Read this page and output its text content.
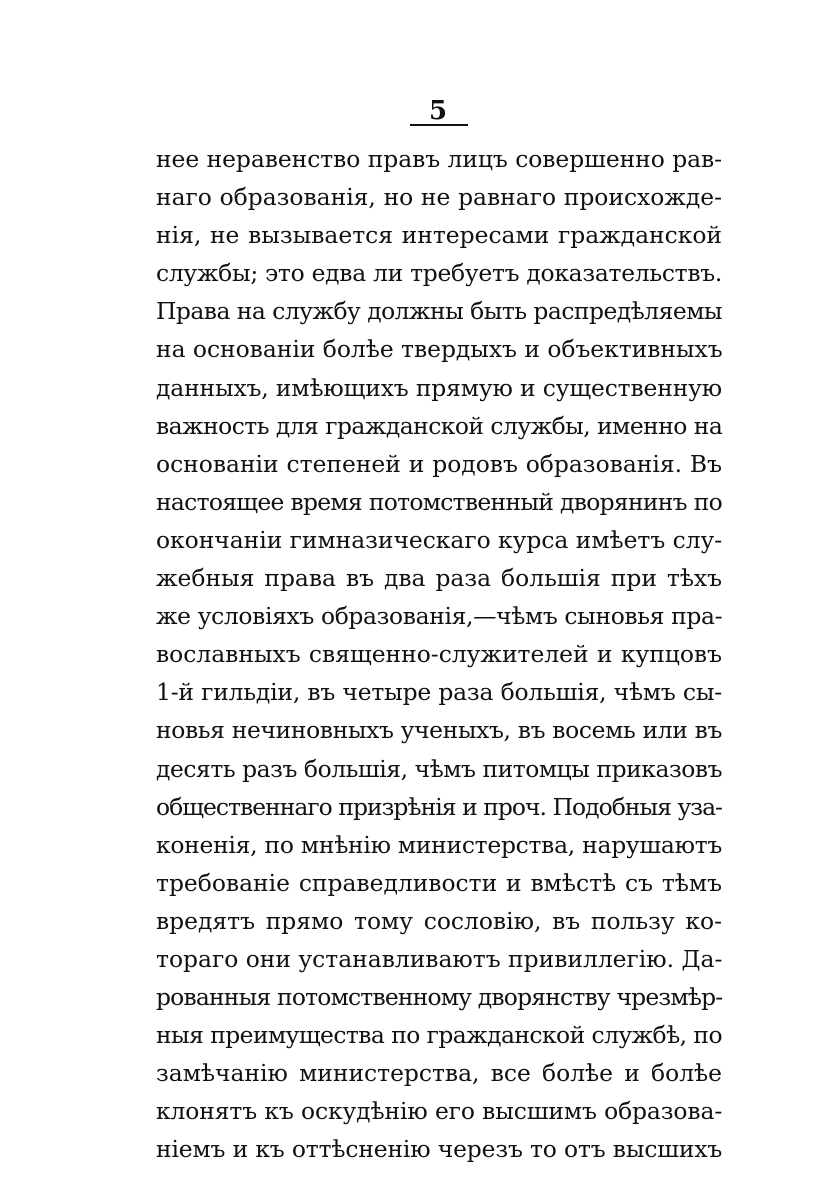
5
нее неравенство правъ лицъ совершенно рав-
наго образованія, но не равнаго происхожде-
нія, не вызывается интересами гражданской
службы; это едва ли требуетъ доказательствъ.
Права на службу должны быть распредѣляемы
на основаніи болѣе твердыхъ и объективныхъ
данныхъ, имѣющихъ прямую и существенную
важность для гражданской службы, именно на
основаніи степеней и родовъ образованія. Въ
настоящее время потомственный дворянинъ по
окончаніи гимназическаго курса имѣетъ слу-
жебныя права въ два раза большія при тѣхъ
же условіяхъ образованія,—чѣмъ сыновья пра-
вославныхъ священно-служителей и купцовъ
1-й гильдіи, въ четыре раза большія, чѣмъ сы-
новья нечиновныхъ ученыхъ, въ восемь или въ
десять разъ большія, чѣмъ питомцы приказовъ
общественнаго призрѣнія и проч. Подобныя уза-
коненія, по мнѣнію министерства, нарушаютъ
требованіе справедливости и вмѣстѣ съ тѣмъ
вредятъ прямо тому сословію, въ пользу ко-
тораго они устанавливаютъ привиллегію. Да-
рованныя потомственному дворянству чрезмѣр-
ныя преимущества по гражданской службѣ, по
замѣчанію министерства, все болѣе и болѣе
клонятъ къ оскудѣнію его высшимъ образова-
ніемъ и къ оттѣсненію черезъ то отъ высшихъ
